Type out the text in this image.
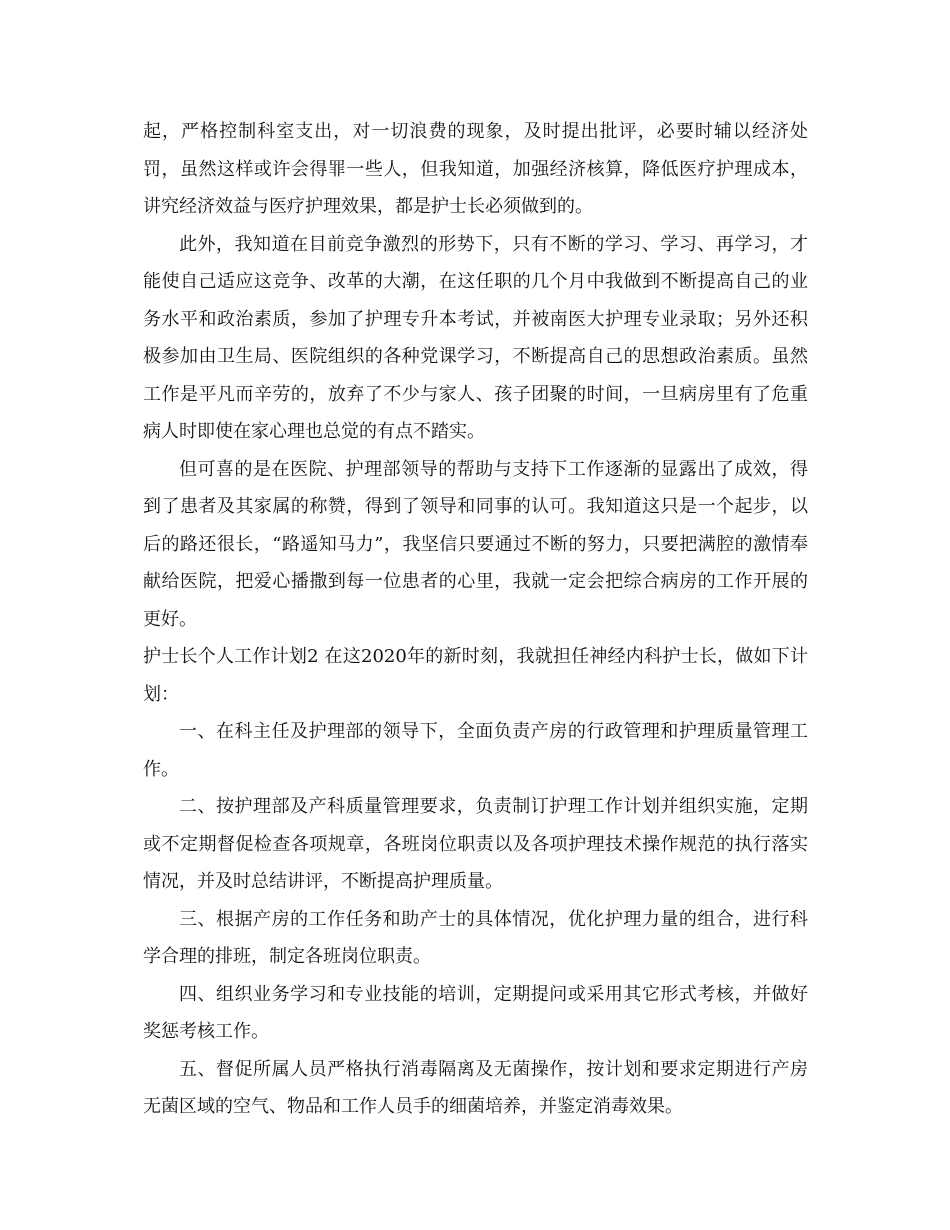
起，严格控制科室支出，对一切浪费的现象，及时提出批评，必要时辅以经济处罚，虽然这样或许会得罪一些人，但我知道，加强经济核算，降低医疗护理成本，讲究经济效益与医疗护理效果，都是护士长必须做到的。

此外，我知道在目前竞争激烈的形势下，只有不断的学习、学习、再学习，才能使自己适应这竞争、改革的大潮，在这任职的几个月中我做到不断提高自己的业务水平和政治素质，参加了护理专升本考试，并被南医大护理专业录取；另外还积极参加由卫生局、医院组织的各种党课学习，不断提高自己的思想政治素质。虽然工作是平凡而辛劳的，放弃了不少与家人、孩子团聚的时间，一旦病房里有了危重病人时即使在家心理也总觉的有点不踏实。

但可喜的是在医院、护理部领导的帮助与支持下工作逐渐的显露出了成效，得到了患者及其家属的称赞，得到了领导和同事的认可。我知道这只是一个起步，以后的路还很长，“路遥知马力”，我坚信只要通过不断的努力，只要把满腔的激情奉献给医院，把爱心播撒到每一位患者的心里，我就一定会把综合病房的工作开展的更好。

护士长个人工作计划2 在这2020年的新时刻，我就担任神经内科护士长，做如下计划：

一、在科主任及护理部的领导下，全面负责产房的行政管理和护理质量管理工作。

二、按护理部及产科质量管理要求，负责制订护理工作计划并组织实施，定期或不定期督促检查各项规章，各班岗位职责以及各项护理技术操作规范的执行落实情况，并及时总结讲评，不断提高护理质量。

三、根据产房的工作任务和助产士的具体情况，优化护理力量的组合，进行科学合理的排班，制定各班岗位职责。

四、组织业务学习和专业技能的培训，定期提问或采用其它形式考核，并做好奖惩考核工作。

五、督促所属人员严格执行消毒隔离及无菌操作，按计划和要求定期进行产房无菌区域的空气、物品和工作人员手的细菌培养，并鉴定消毒效果。
